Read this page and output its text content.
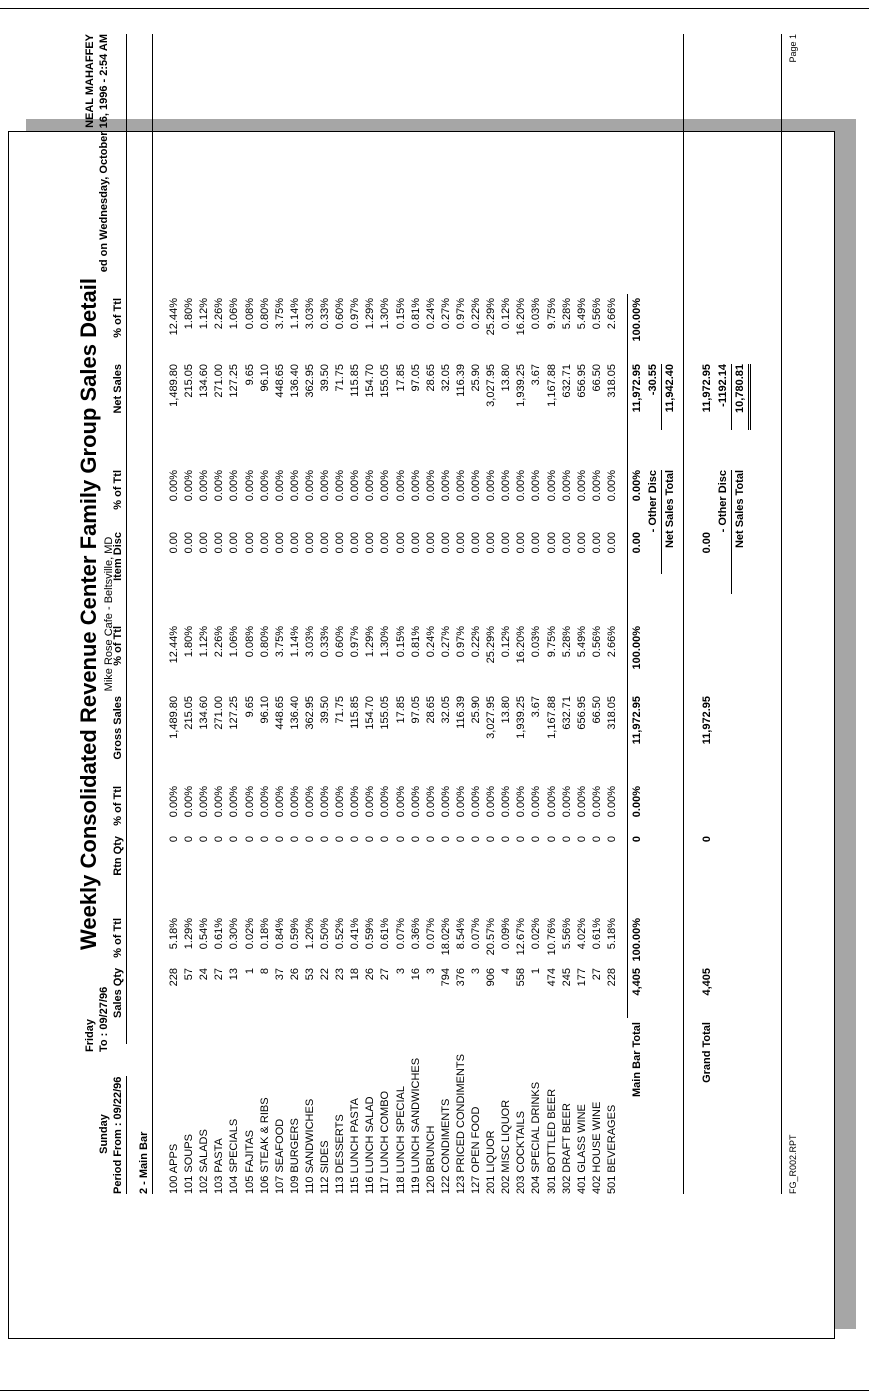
Weekly Consolidated Revenue Center Family Group Sales Detail Mike Rose Cafe - Beltsville, MD
Sunday
Friday
Period From : 09/22/96
To : 09/27/96
NEAL MAHAFFEY ed on Wednesday, October 16, 1996 - 2:54 AM
Sales Qty
% of Ttl
Rtn Qty
% of Ttl
Gross Sales
% of Ttl
Item Disc
% of Ttl
Net Sales
% of Ttl
2 - Main Bar 100 APPS
228
5.18%
0
0.00%
1,489.80
12.44%
0.00
0.00%
1,489.80
12.44%
101 SOUPS
57
1.29%
0
0.00%
215.05
1.80%
0.00
0.00%
215.05
1.80%
102 SALADS
24
0.54%
0
0.00%
134.60
1.12%
0.00
0.00%
134.60
1.12%
103 PASTA
27
0.61%
0
0.00%
271.00
2.26%
0.00
0.00%
271.00
2.26%
104 SPECIALS
13
0.30%
0
0.00%
127.25
1.06%
0.00
0.00%
127.25
1.06%
105 FAJITAS
1
0.02%
0
0.00%
9.65
0.08%
0.00
0.00%
9.65
0.08%
106 STEAK & RIBS
8
0.18%
0
0.00%
96.10
0.80%
0.00
0.00%
96.10
0.80%
107 SEAFOOD
37
0.84%
0
0.00%
448.65
3.75%
0.00
0.00%
448.65
3.75%
109 BURGERS
26
0.59%
0
0.00%
136.40
1.14%
0.00
0.00%
136.40
1.14%
110 SANDWICHES
53
1.20%
0
0.00%
362.95
3.03%
0.00
0.00%
362.95
3.03%
112 SIDES
22
0.50%
0
0.00%
39.50
0.33%
0.00
0.00%
39.50
0.33%
113 DESSERTS
23
0.52%
0
0.00%
71.75
0.60%
0.00
0.00%
71.75
0.60%
115 LUNCH PASTA
18
0.41%
0
0.00%
115.85
0.97%
0.00
0.00%
115.85
0.97%
116 LUNCH SALAD
26
0.59%
0
0.00%
154.70
1.29%
0.00
0.00%
154.70
1.29%
117 LUNCH COMBO
27
0.61%
0
0.00%
155.05
1.30%
0.00
0.00%
155.05
1.30%
118 LUNCH SPECIAL
3
0.07%
0
0.00%
17.85
0.15%
0.00
0.00%
17.85
0.15%
119 LUNCH SANDWICHES
16
0.36%
0
0.00%
97.05
0.81%
0.00
0.00%
97.05
0.81%
120 BRUNCH
3
0.07%
0
0.00%
28.65
0.24%
0.00
0.00%
28.65
0.24%
122 CONDIMENTS
794
18.02%
0
0.00%
32.05
0.27%
0.00
0.00%
32.05
0.27%
123 PRICED CONDIMENTS
376
8.54%
0
0.00%
116.39
0.97%
0.00
0.00%
116.39
0.97%
127 OPEN FOOD
3
0.07%
0
0.00%
25.90
0.22%
0.00
0.00%
25.90
0.22%
201 LIQUOR
906
20.57%
0
0.00%
3,027.95
25.29%
0.00
0.00%
3,027.95
25.29%
202 MISC LIQUOR
4
0.09%
0
0.00%
13.80
0.12%
0.00
0.00%
13.80
0.12%
203 COCKTAILS
558
12.67%
0
0.00%
1,939.25
16.20%
0.00
0.00%
1,939.25
16.20%
204 SPECIAL DRINKS
1
0.02%
0
0.00%
3.67
0.03%
0.00
0.00%
3.67
0.03%
301 BOTTLED BEER
474
10.76%
0
0.00%
1,167.88
9.75%
0.00
0.00%
1,167.88
9.75%
302 DRAFT BEER
245
5.56%
0
0.00%
632.71
5.28%
0.00
0.00%
632.71
5.28%
401 GLASS WINE
177
4.02%
0
0.00%
656.95
5.49%
0.00
0.00%
656.95
5.49%
402 HOUSE WINE
27
0.61%
0
0.00%
66.50
0.56%
0.00
0.00%
66.50
0.56%
501 BEVERAGES
228
5.18%
0
0.00%
318.05
2.66%
0.00
0.00%
318.05
2.66%
Main Bar Total
4,405
100.00%
0
0.00%
11,972.95
100.00%
0.00
0.00%
11,972.95
100.00%
- Other Disc
-30.55
Net Sales Total
11,942.40
Grand Total
4,405
0
11,972.95
0.00
11,972.95
- Other Disc
-1192.14
Net Sales Total
10,780.81
FG_R002.RPT
Page 1
